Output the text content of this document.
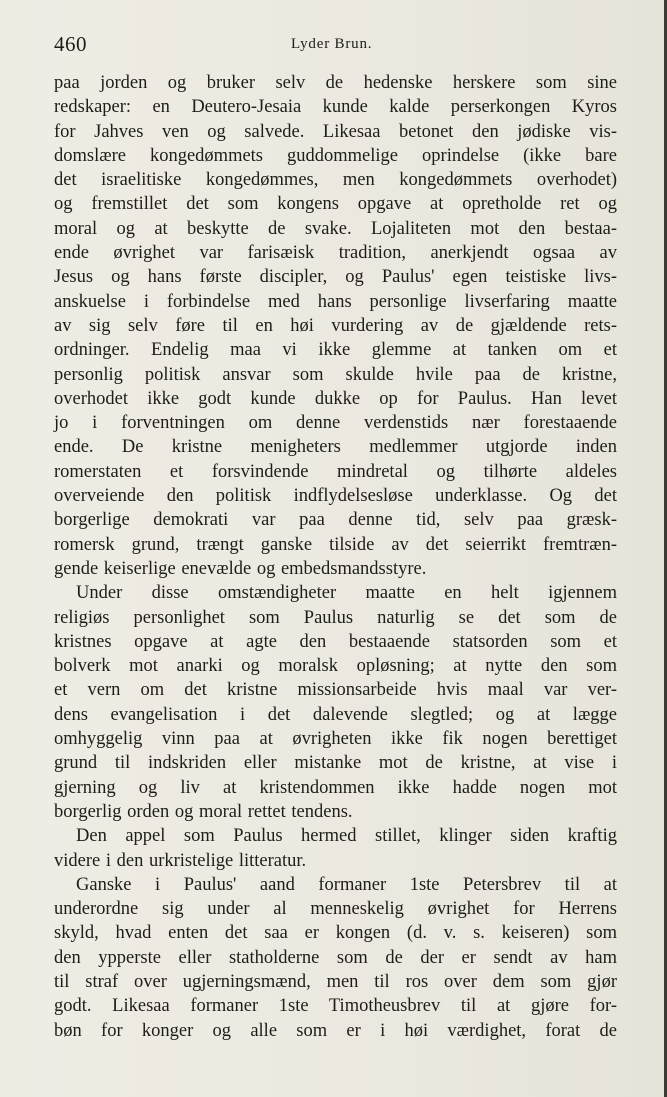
460	Lyder Brun.
paa jorden og bruker selv de hedenske herskere som sine
redskaper: en Deutero-Jesaia kunde kalde perserkongen Kyros
for Jahves ven og salvede. Likesaa betonet den jødiske vis-
domslære kongedømmets guddommelige oprindelse (ikke bare
det israelitiske kongedømmes, men kongedømmets overhodet)
og fremstillet det som kongens opgave at opretholde ret og
moral og at beskytte de svake. Lojaliteten mot den bestaa-
ende øvrighet var farisæisk tradition, anerkjendt ogsaa av
Jesus og hans første discipler, og Paulus' egen teistiske livs-
anskuelse i forbindelse med hans personlige livserfaring maatte
av sig selv føre til en høi vurdering av de gjældende rets-
ordninger. Endelig maa vi ikke glemme at tanken om et
personlig politisk ansvar som skulde hvile paa de kristne,
overhodet ikke godt kunde dukke op for Paulus. Han levet
jo i forventningen om denne verdenstids nær forestaaende
ende. De kristne menigheters medlemmer utgjorde inden
romerstaten et forsvindende mindretal og tilhørte aldeles
overveiende den politisk indflydelsesløse underklasse. Og det
borgerlige demokrati var paa denne tid, selv paa græsk-
romersk grund, trængt ganske tilside av det seierrikt fremtræn-
gende keiserlige enevælde og embedsmandsstyre.
Under disse omstændigheter maatte en helt igjennem
religiøs personlighet som Paulus naturlig se det som de
kristnes opgave at agte den bestaaende statsorden som et
bolverk mot anarki og moralsk opløsning; at nytte den som
et vern om det kristne missionsarbeide hvis maal var ver-
dens evangelisation i det dalevende slegtled; og at lægge
omhyggelig vinn paa at øvrigheten ikke fik nogen berettiget
grund til indskriden eller mistanke mot de kristne, at vise i
gjerning og liv at kristendommen ikke hadde nogen mot
borgerlig orden og moral rettet tendens.
Den appel som Paulus hermed stillet, klinger siden kraftig
videre i den urkristelige litteratur.
Ganske i Paulus' aand formaner 1ste Petersbrev til at
underordne sig under al menneskelig øvrighet for Herrens
skyld, hvad enten det saa er kongen (d. v. s. keiseren) som
den ypperste eller statholderne som de der er sendt av ham
til straf over ugjerningsmænd, men til ros over dem som gjør
godt. Likesaa formaner 1ste Timotheusbrev til at gjøre for-
bøn for konger og alle som er i høi værdighet, forat de
